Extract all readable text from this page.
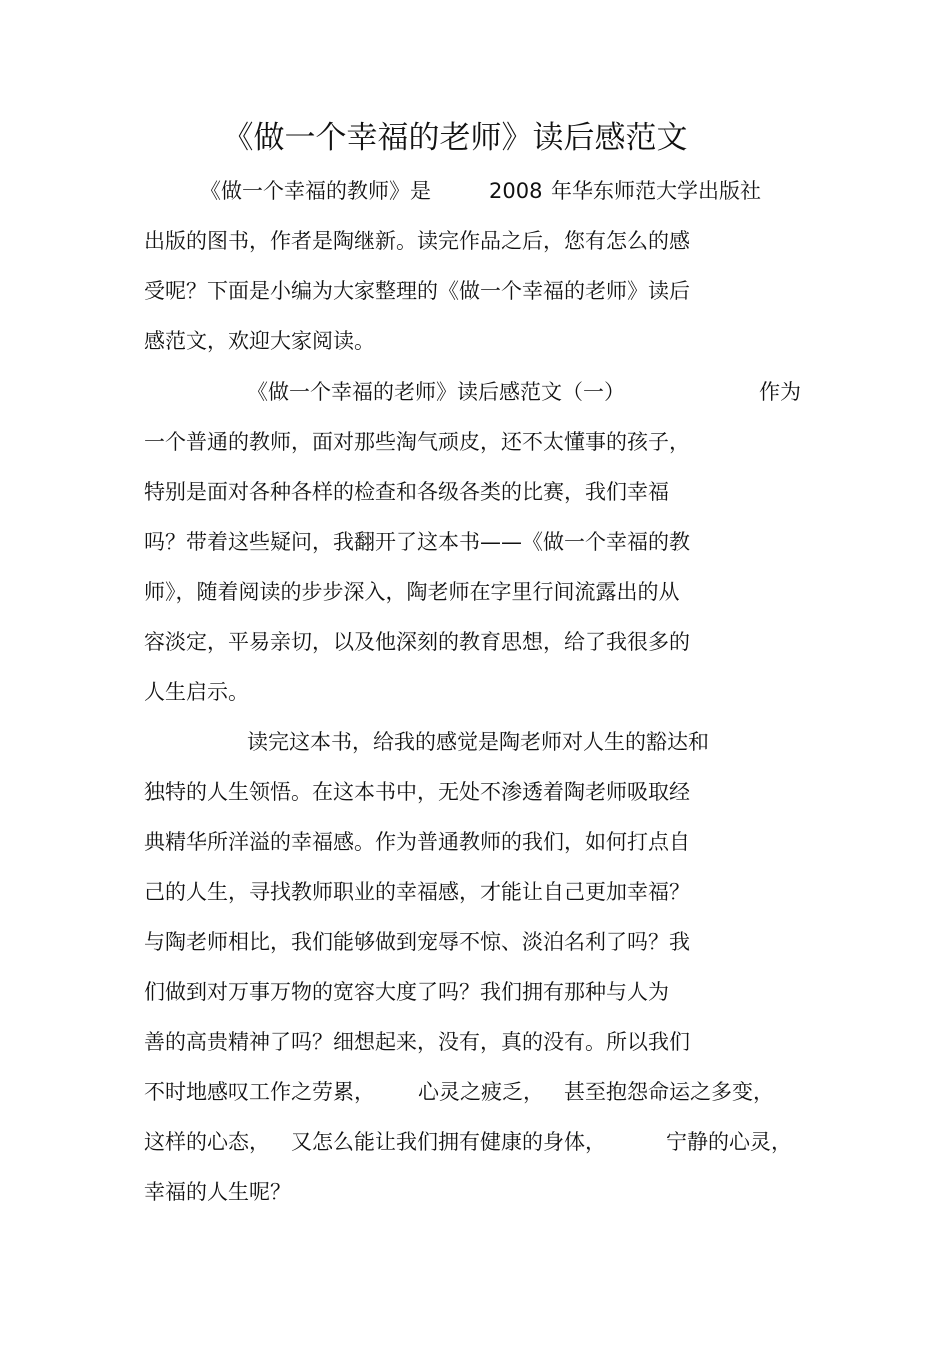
《做一个幸福的老师》读后感范文
《做一个幸福的教师》是	2008 年华东师范大学出版社
出版的图书，作者是陶继新。读完作品之后，您有怎么的感
受呢？下面是小编为大家整理的《做一个幸福的老师》读后
感范文，欢迎大家阅读。
《做一个幸福的老师》读后感范文（一）	作为
一个普通的教师，面对那些淘气顽皮，还不太懂事的孩子，
特别是面对各种各样的检查和各级各类的比赛，我们幸福
吗？带着这些疑问，我翻开了这本书——《做一个幸福的教
师》，随着阅读的步步深入，陶老师在字里行间流露出的从
容淡定，平易亲切，以及他深刻的教育思想，给了我很多的
人生启示。
读完这本书，给我的感觉是陶老师对人生的豁达和
独特的人生领悟。在这本书中，无处不渗透着陶老师吸取经
典精华所洋溢的幸福感。作为普通教师的我们，如何打点自
己的人生，寻找教师职业的幸福感，才能让自己更加幸福？
与陶老师相比，我们能够做到宠辱不惊、淡泊名利了吗？我
们做到对万事万物的宽容大度了吗？我们拥有那种与人为
善的高贵精神了吗？细想起来，没有，真的没有。所以我们
不时地感叹工作之劳累， 心灵之疲乏， 甚至抱怨命运之多变，
这样的心态， 又怎么能让我们拥有健康的身体，	宁静的心灵，
幸福的人生呢？
